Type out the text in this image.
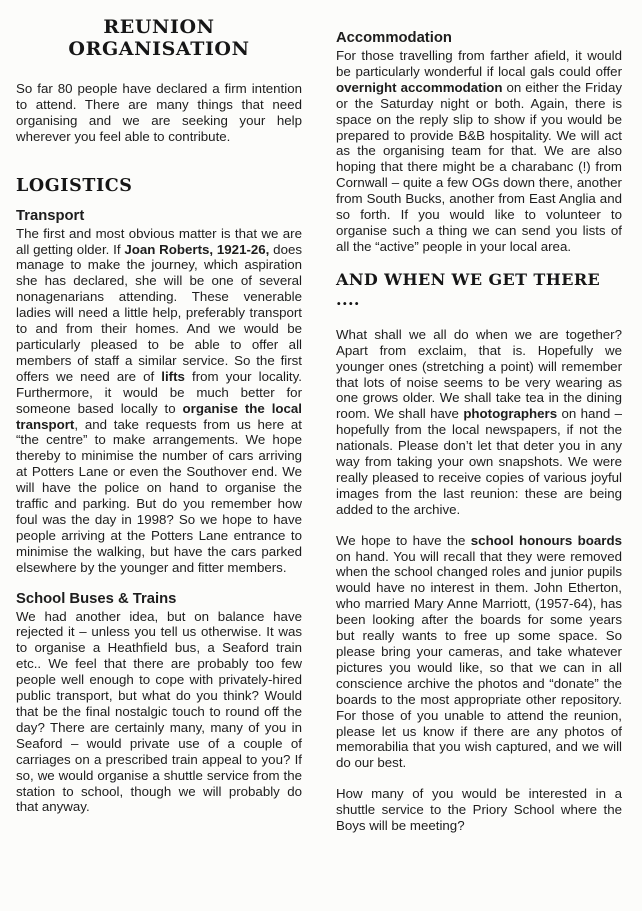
REUNION ORGANISATION

So far 80 people have declared a firm intention to attend. There are many things that need organising and we are seeking your help wherever you feel able to contribute.

LOGISTICS
Transport

The first and most obvious matter is that we are all getting older. If Joan Roberts, 1921-26, does manage to make the journey, which aspiration she has declared, she will be one of several nonagenarians attending. These venerable ladies will need a little help, preferably transport to and from their homes. And we would be particularly pleased to be able to offer all members of staff a similar service. So the first offers we need are of lifts from your locality. Furthermore, it would be much better for someone based locally to organise the local transport, and take requests from us here at “the centre” to make arrangements. We hope thereby to minimise the number of cars arriving at Potters Lane or even the Southover end. We will have the police on hand to organise the traffic and parking. But do you remember how foul was the day in 1998? So we hope to have people arriving at the Potters Lane entrance to minimise the walking, but have the cars parked elsewhere by the younger and fitter members.

School Buses & Trains

We had another idea, but on balance have rejected it – unless you tell us otherwise. It was to organise a Heathfield bus, a Seaford train etc.. We feel that there are probably too few people well enough to cope with privately-hired public transport, but what do you think? Would that be the final nostalgic touch to round off the day? There are certainly many, many of you in Seaford – would private use of a couple of carriages on a prescribed train appeal to you? If so, we would organise a shuttle service from the station to school, though we will probably do that anyway.

Accommodation

For those travelling from farther afield, it would be particularly wonderful if local gals could offer overnight accommodation on either the Friday or the Saturday night or both. Again, there is space on the reply slip to show if you would be prepared to provide B&B hospitality. We will act as the organising team for that. We are also hoping that there might be a charabanc (!) from Cornwall – quite a few OGs down there, another from South Bucks, another from East Anglia and so forth. If you would like to volunteer to organise such a thing we can send you lists of all the “active” people in your local area.

AND WHEN WE GET THERE ....

What shall we all do when we are together? Apart from exclaim, that is. Hopefully we younger ones (stretching a point) will remember that lots of noise seems to be very wearing as one grows older. We shall take tea in the dining room. We shall have photographers on hand – hopefully from the local newspapers, if not the nationals. Please don’t let that deter you in any way from taking your own snapshots. We were really pleased to receive copies of various joyful images from the last reunion: these are being added to the archive.

We hope to have the school honours boards on hand. You will recall that they were removed when the school changed roles and junior pupils would have no interest in them. John Etherton, who married Mary Anne Marriott, (1957-64), has been looking after the boards for some years but really wants to free up some space. So please bring your cameras, and take whatever pictures you would like, so that we can in all conscience archive the photos and “donate” the boards to the most appropriate other repository. For those of you unable to attend the reunion, please let us know if there are any photos of memorabilia that you wish captured, and we will do our best.

How many of you would be interested in a shuttle service to the Priory School where the Boys will be meeting?
